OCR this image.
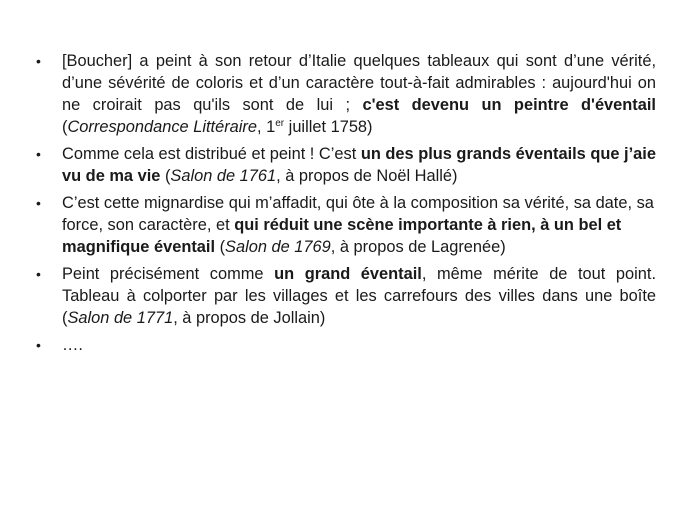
• [Boucher] a peint à son retour d’Italie quelques tableaux qui sont d’une vérité, d’une sévérité de coloris et d’un caractère tout-à-fait admirables : aujourd'hui on ne croirait pas qu'ils sont de lui ; c'est devenu un peintre d'éventail (Correspondance Littéraire, 1er juillet 1758)
• Comme cela est distribué et peint ! C’est un des plus grands éventails que j’aie vu de ma vie (Salon de 1761, à propos de Noël Hallé)
• C’est cette mignardise qui m’affadit, qui ôte à la composition sa vérité, sa date, sa force, son caractère, et qui réduit une scène importante à rien, à un bel et magnifique éventail (Salon de 1769, à propos de Lagrenée)
• Peint précisément comme un grand éventail, même mérite de tout point. Tableau à colporter par les villages et les carrefours des villes dans une boîte (Salon de 1771, à propos de Jollain)
• ….
